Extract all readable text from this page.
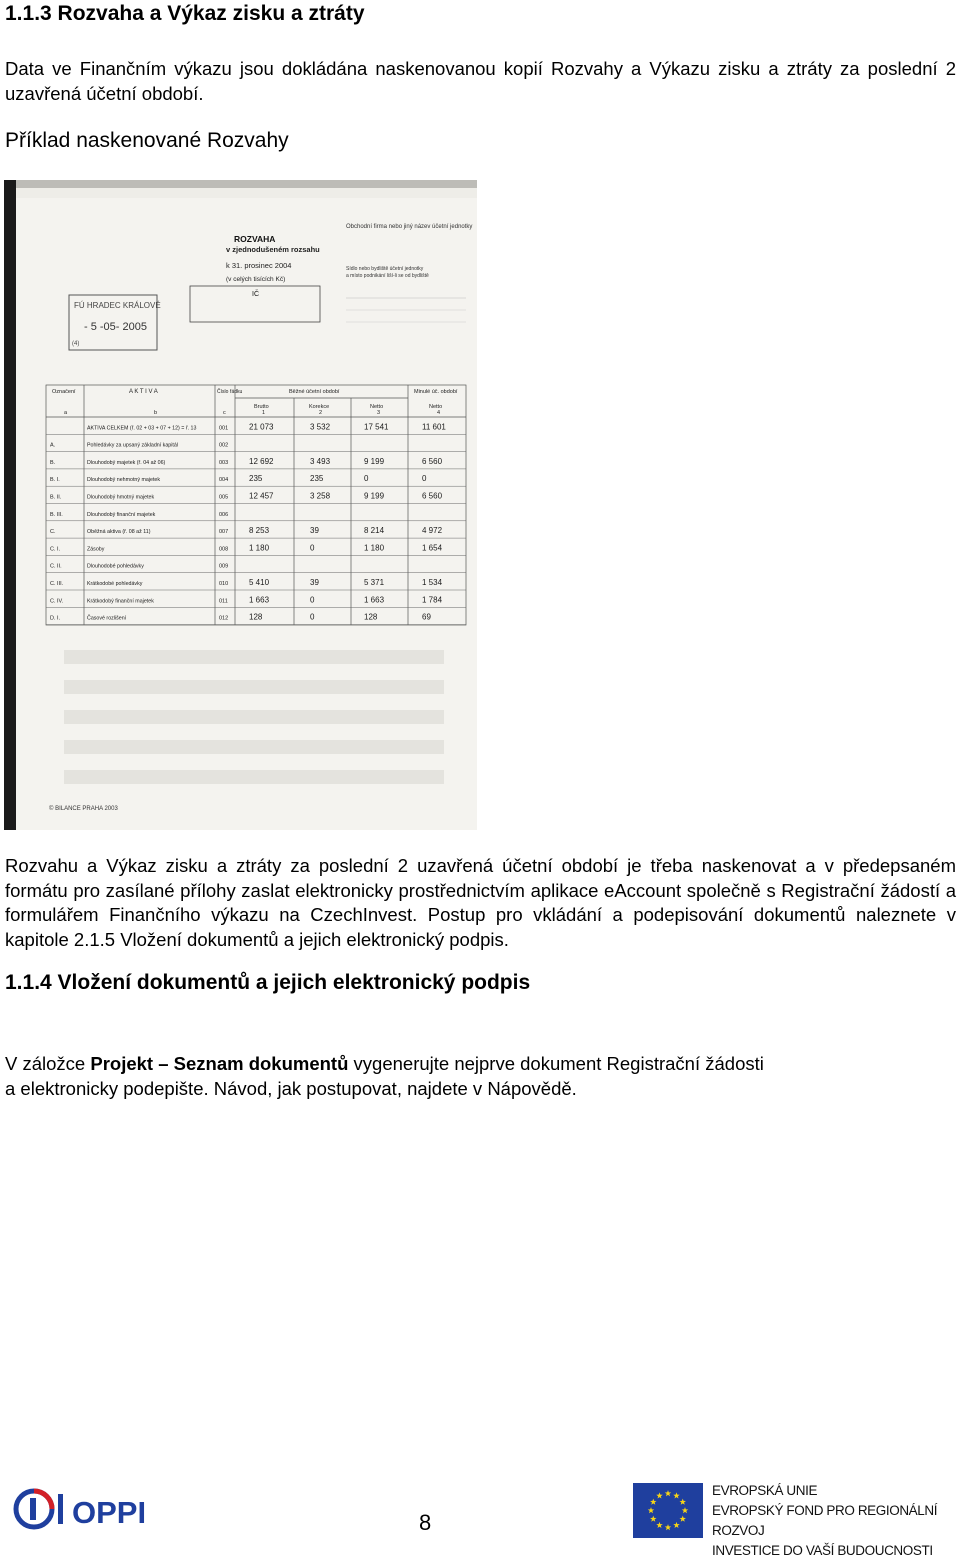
1.1.3 Rozvaha a Výkaz zisku a ztráty
Data ve Finančním výkazu jsou dokládána naskenovanou kopií Rozvahy a Výkazu zisku a ztráty za poslední 2 uzavřená účetní období.
Příklad naskenované Rozvahy
Obchodní firma nebo jiný název účetní jednotky
ROZVAHA
v zjednodušeném rozsahu
k 31. prosinec 2004
(v celých tisících Kč)
IČ
Sídlo nebo bydliště účetní jednotky
a místo podnikání liší-li se od bydliště
FÚ HRADEC KRÁLOVÉ
- 5 -05- 2005
(4)
Označení	A K T I V A	Číslo řádku	Běžné účetní období	Minulé úč. období
Brutto	Korekce	Netto	Netto
a	b	c	1	2	3	4
AKTIVA CELKEM (ř. 02 + 03 + 07 + 12) = ř. 13	001	21 073	3 532	17 541	11 601
A.	Pohledávky za upsaný základní kapitál	002
B.	Dlouhodobý majetek (ř. 04 až 06)	003	12 692	3 493	9 199	6 560
B. I.	Dlouhodobý nehmotný majetek	004	235	235	0	0
B. II.	Dlouhodobý hmotný majetek	005	12 457	3 258	9 199	6 560
B. III.	Dlouhodobý finanční majetek	006
C.	Oběžná aktiva (ř. 08 až 11)	007	8 253	39	8 214	4 972
C. I.	Zásoby	008	1 180	0	1 180	1 654
C. II.	Dlouhodobé pohledávky	009
C. III.	Krátkodobé pohledávky	010	5 410	39	5 371	1 534
C. IV.	Krátkodobý finanční majetek	011	1 663	0	1 663	1 784
D. I.	Časové rozlišení	012	128	0	128	69
© BILANCE PRAHA 2003
Rozvahu a Výkaz zisku a ztráty za poslední 2 uzavřená účetní období je třeba naskenovat a v předepsaném formátu pro zasílané přílohy zaslat elektronicky prostřednictvím aplikace eAccount společně s Registrační žádostí a formulářem Finančního výkazu na CzechInvest. Postup pro vkládání a podepisování dokumentů naleznete v kapitole 2.1.5 Vložení dokumentů a jejich elektronický podpis.
1.1.4 Vložení dokumentů a jejich elektronický podpis
V záložce Projekt – Seznam dokumentů vygenerujte nejprve dokument Registrační žádosti
a elektronicky podepište. Návod, jak postupovat, najdete v Nápovědě.
OPPI	8
EVROPSKÁ UNIE
EVROPSKÝ FOND PRO REGIONÁLNÍ ROZVOJ
INVESTICE DO VAŠÍ BUDOUCNOSTI
